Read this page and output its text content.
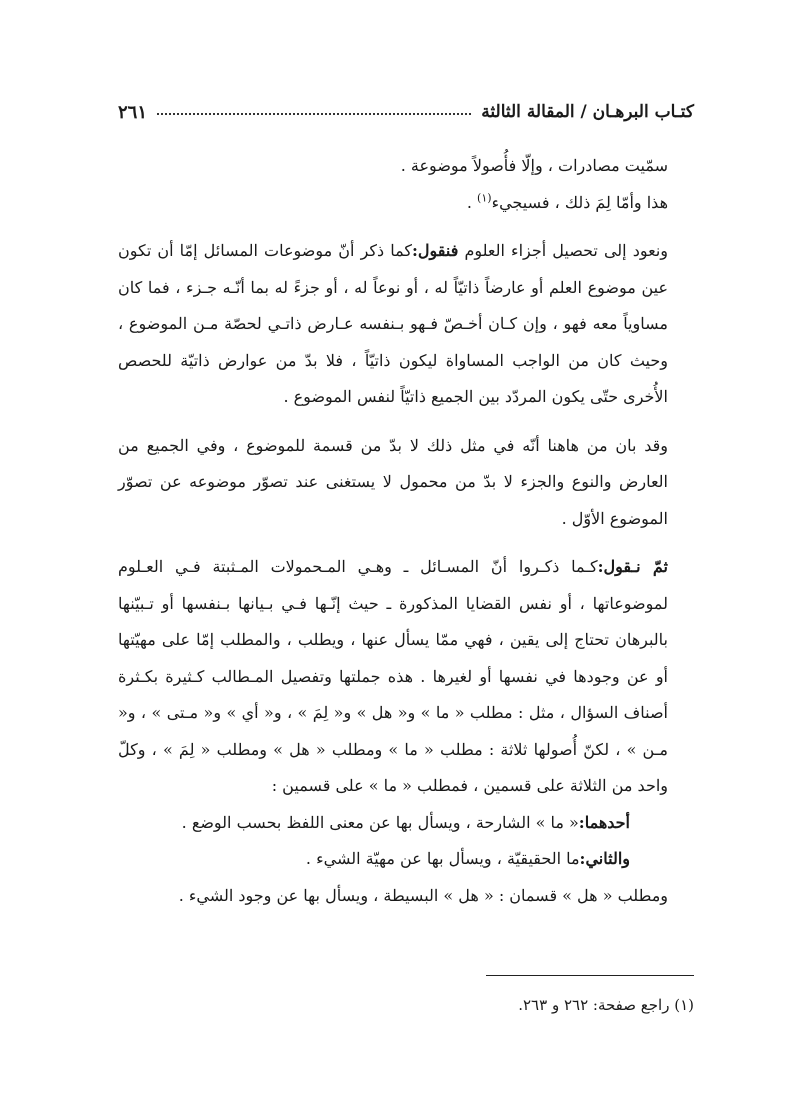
كتـاب البرهـان / المقالة الثالثة
٢٦١

سمّيت مصادرات ، وإلّا فأُصولاً موضوعة .

هذا وأمّا لِمَ ذلك ، فسيجيء$^{(١)}$ .

ونعود إلى تحصيل أجزاء العلوم فنقول:كما ذكر أنّ موضوعات المسائل إمّا أن تكون عين موضوع العلم أو عارضاً ذاتيّاً له ، أو نوعاً له ، أو جزءً له بما أنّـه جـزء ، فما كان مساوياً معه فهو ، وإن كـان أخـصّ فـهو بـنفسه عـارض ذاتـي لحصّة مـن الموضوع ، وحيث كان من الواجب المساواة ليكون ذاتيّاً ، فلا بدّ من عوارض ذاتيّة للحصص الأُخرى حتّى يكون المردّد بين الجميع ذاتيّاً لنفس الموضوع .

وقد بان من هاهنا أنّه في مثل ذلك لا بدّ من قسمة للموضوع ، وفي الجميع من العارض والنوع والجزء لا بدّ من محمول لا يستغنى عند تصوّر موضوعه عن تصوّر الموضوع الأوّل .

ثمّ نـقول:كـما ذكـروا أنّ المسـائل ـ وهـي المـحمولات المـثبتة فـي العـلوم لموضوعاتها ، أو نفس القضايا المذكورة ـ حيث إنّـها فـي بـيانها بـنفسها أو تـبيّنها بالبرهان تحتاج إلى يقين ، فهي ممّا يسأل عنها ، ويطلب ، والمطلب إمّا على مهيّتها أو عن وجودها في نفسها أو لغيرها . هذه جملتها وتفصيل المـطالب كـثيرة بكـثرة أصناف السؤال ، مثل : مطلب « ما » و« هل » و« لِمَ » ، و« أي » و« مـتى » ، و« مـن » ، لكنّ أُصولها ثلاثة : مطلب « ما » ومطلب « هل » ومطلب « لِمَ » ، وكلّ واحد من الثلاثة على قسمين ، فمطلب « ما » على قسمين :

أحدهما:« ما » الشارحة ، ويسأل بها عن معنى اللفظ بحسب الوضع .

والثاني:ما الحقيقيّة ، ويسأل بها عن مهيّة الشيء .

ومطلب « هل » قسمان : « هل » البسيطة ، ويسأل بها عن وجود الشيء .

(١) راجع صفحة: ٢٦٢ و ٢٦٣.
